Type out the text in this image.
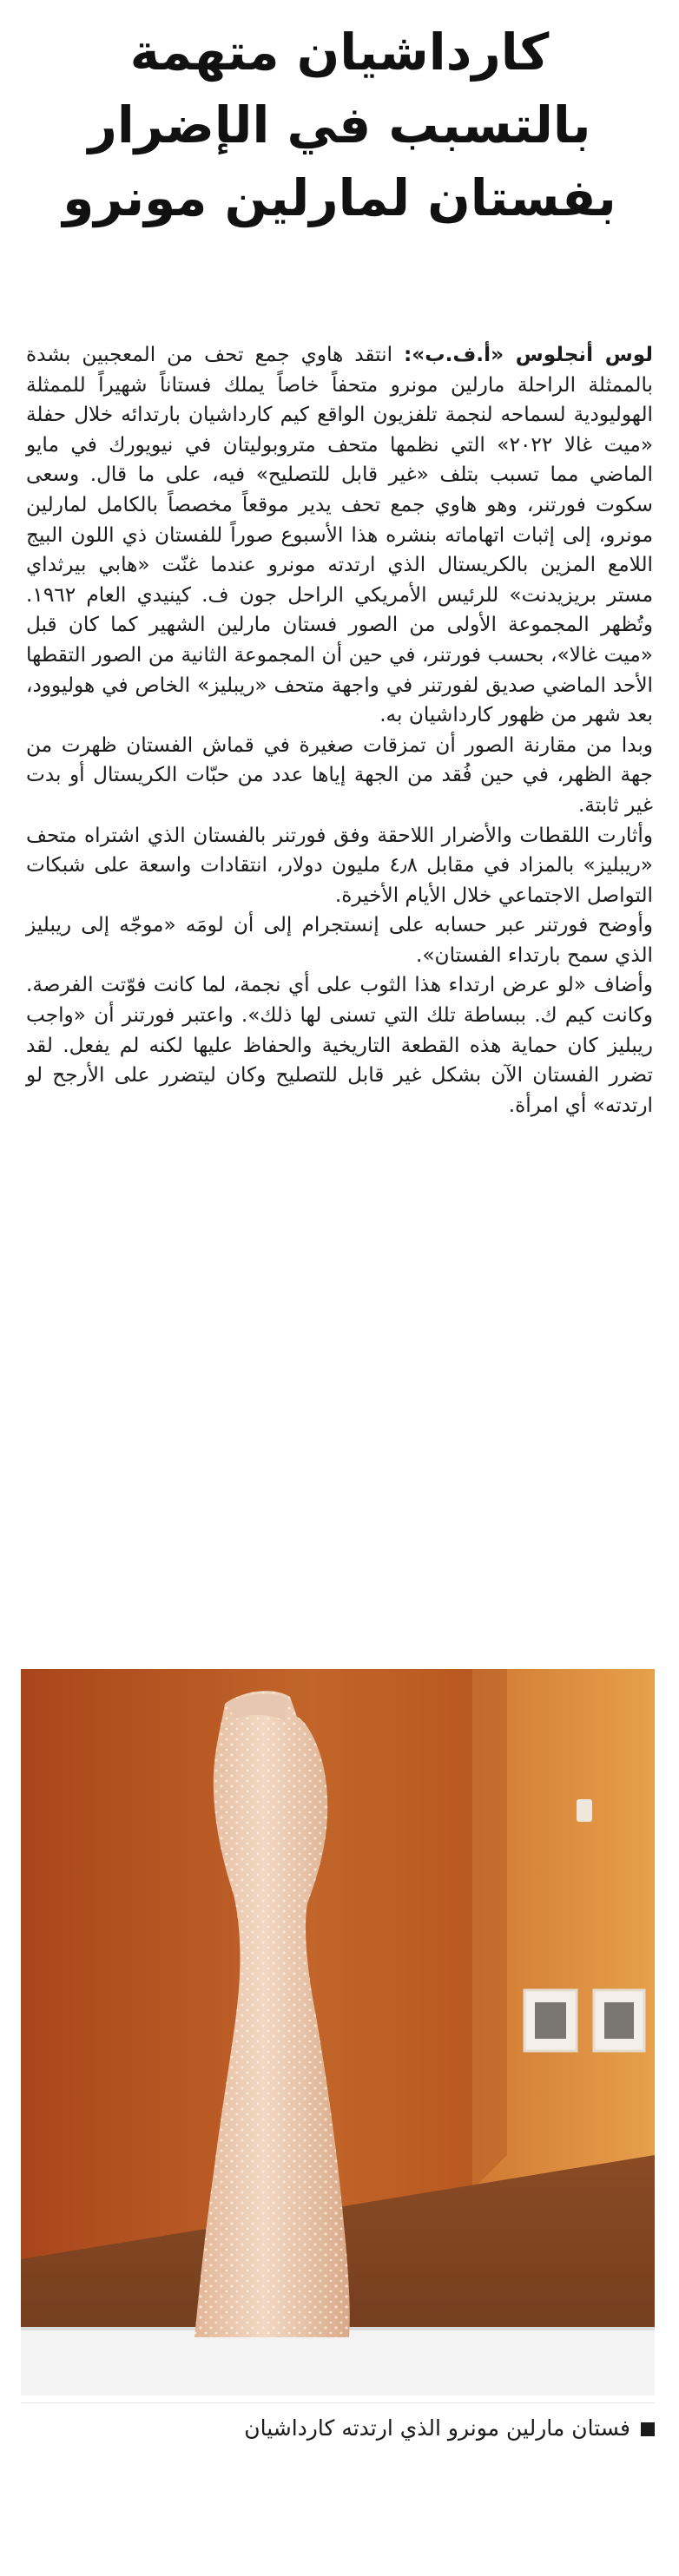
كارداشيان متهمة
بالتسبب في الإضرار
بفستان لمارلين مونرو

لوس أنجلوس «أ.ف.ب»: انتقد هاوي جمع تحف من المعجبين بشدة بالممثلة الراحلة مارلين مونرو متحفاً خاصاً يملك فستاناً شهيراً للممثلة الهوليودية لسماحه لنجمة تلفزيون الواقع كيم كارداشيان بارتدائه خلال حفلة «ميت غالا ٢٠٢٢» التي نظمها متحف متروبوليتان في نيويورك في مايو الماضي مما تسبب بتلف «غير قابل للتصليح» فيه، على ما قال. وسعى سكوت فورتنر، وهو هاوي جمع تحف يدير موقعاً مخصصاً بالكامل لمارلين مونرو، إلى إثبات اتهاماته بنشره هذا الأسبوع صوراً للفستان ذي اللون البيج اللامع المزين بالكريستال الذي ارتدته مونرو عندما غنّت «هابي بيرثداي مستر بريزيدنت» للرئيس الأمريكي الراحل جون ف. كينيدي العام ١٩٦٢. وتُظهر المجموعة الأولى من الصور فستان مارلين الشهير كما كان قبل «ميت غالا»، بحسب فورتنر، في حين أن المجموعة الثانية من الصور التقطها الأحد الماضي صديق لفورتنر في واجهة متحف «ريبليز» الخاص في هوليوود، بعد شهر من ظهور كارداشيان به.

وبدا من مقارنة الصور أن تمزقات صغيرة في قماش الفستان ظهرت من جهة الظهر، في حين فُقد من الجهة إياها عدد من حبّات الكريستال أو بدت غير ثابتة.

وأثارت اللقطات والأضرار اللاحقة وفق فورتنر بالفستان الذي اشتراه متحف «ريبليز» بالمزاد في مقابل ٤٫٨ مليون دولار، انتقادات واسعة على شبكات التواصل الاجتماعي خلال الأيام الأخيرة.

وأوضح فورتنر عبر حسابه على إنستجرام إلى أن لومَه «موجّه إلى ريبليز الذي سمح بارتداء الفستان».

وأضاف «لو عرض ارتداء هذا الثوب على أي نجمة، لما كانت فوّتت الفرصة. وكانت كيم ك. ببساطة تلك التي تسنى لها ذلك». واعتبر فورتنر أن «واجب ريبليز كان حماية هذه القطعة التاريخية والحفاظ عليها لكنه لم يفعل. لقد تضرر الفستان الآن بشكل غير قابل للتصليح وكان ليتضرر على الأرجح لو ارتدته» أي امرأة.

فستان مارلين مونرو الذي ارتدته كارداشيان
